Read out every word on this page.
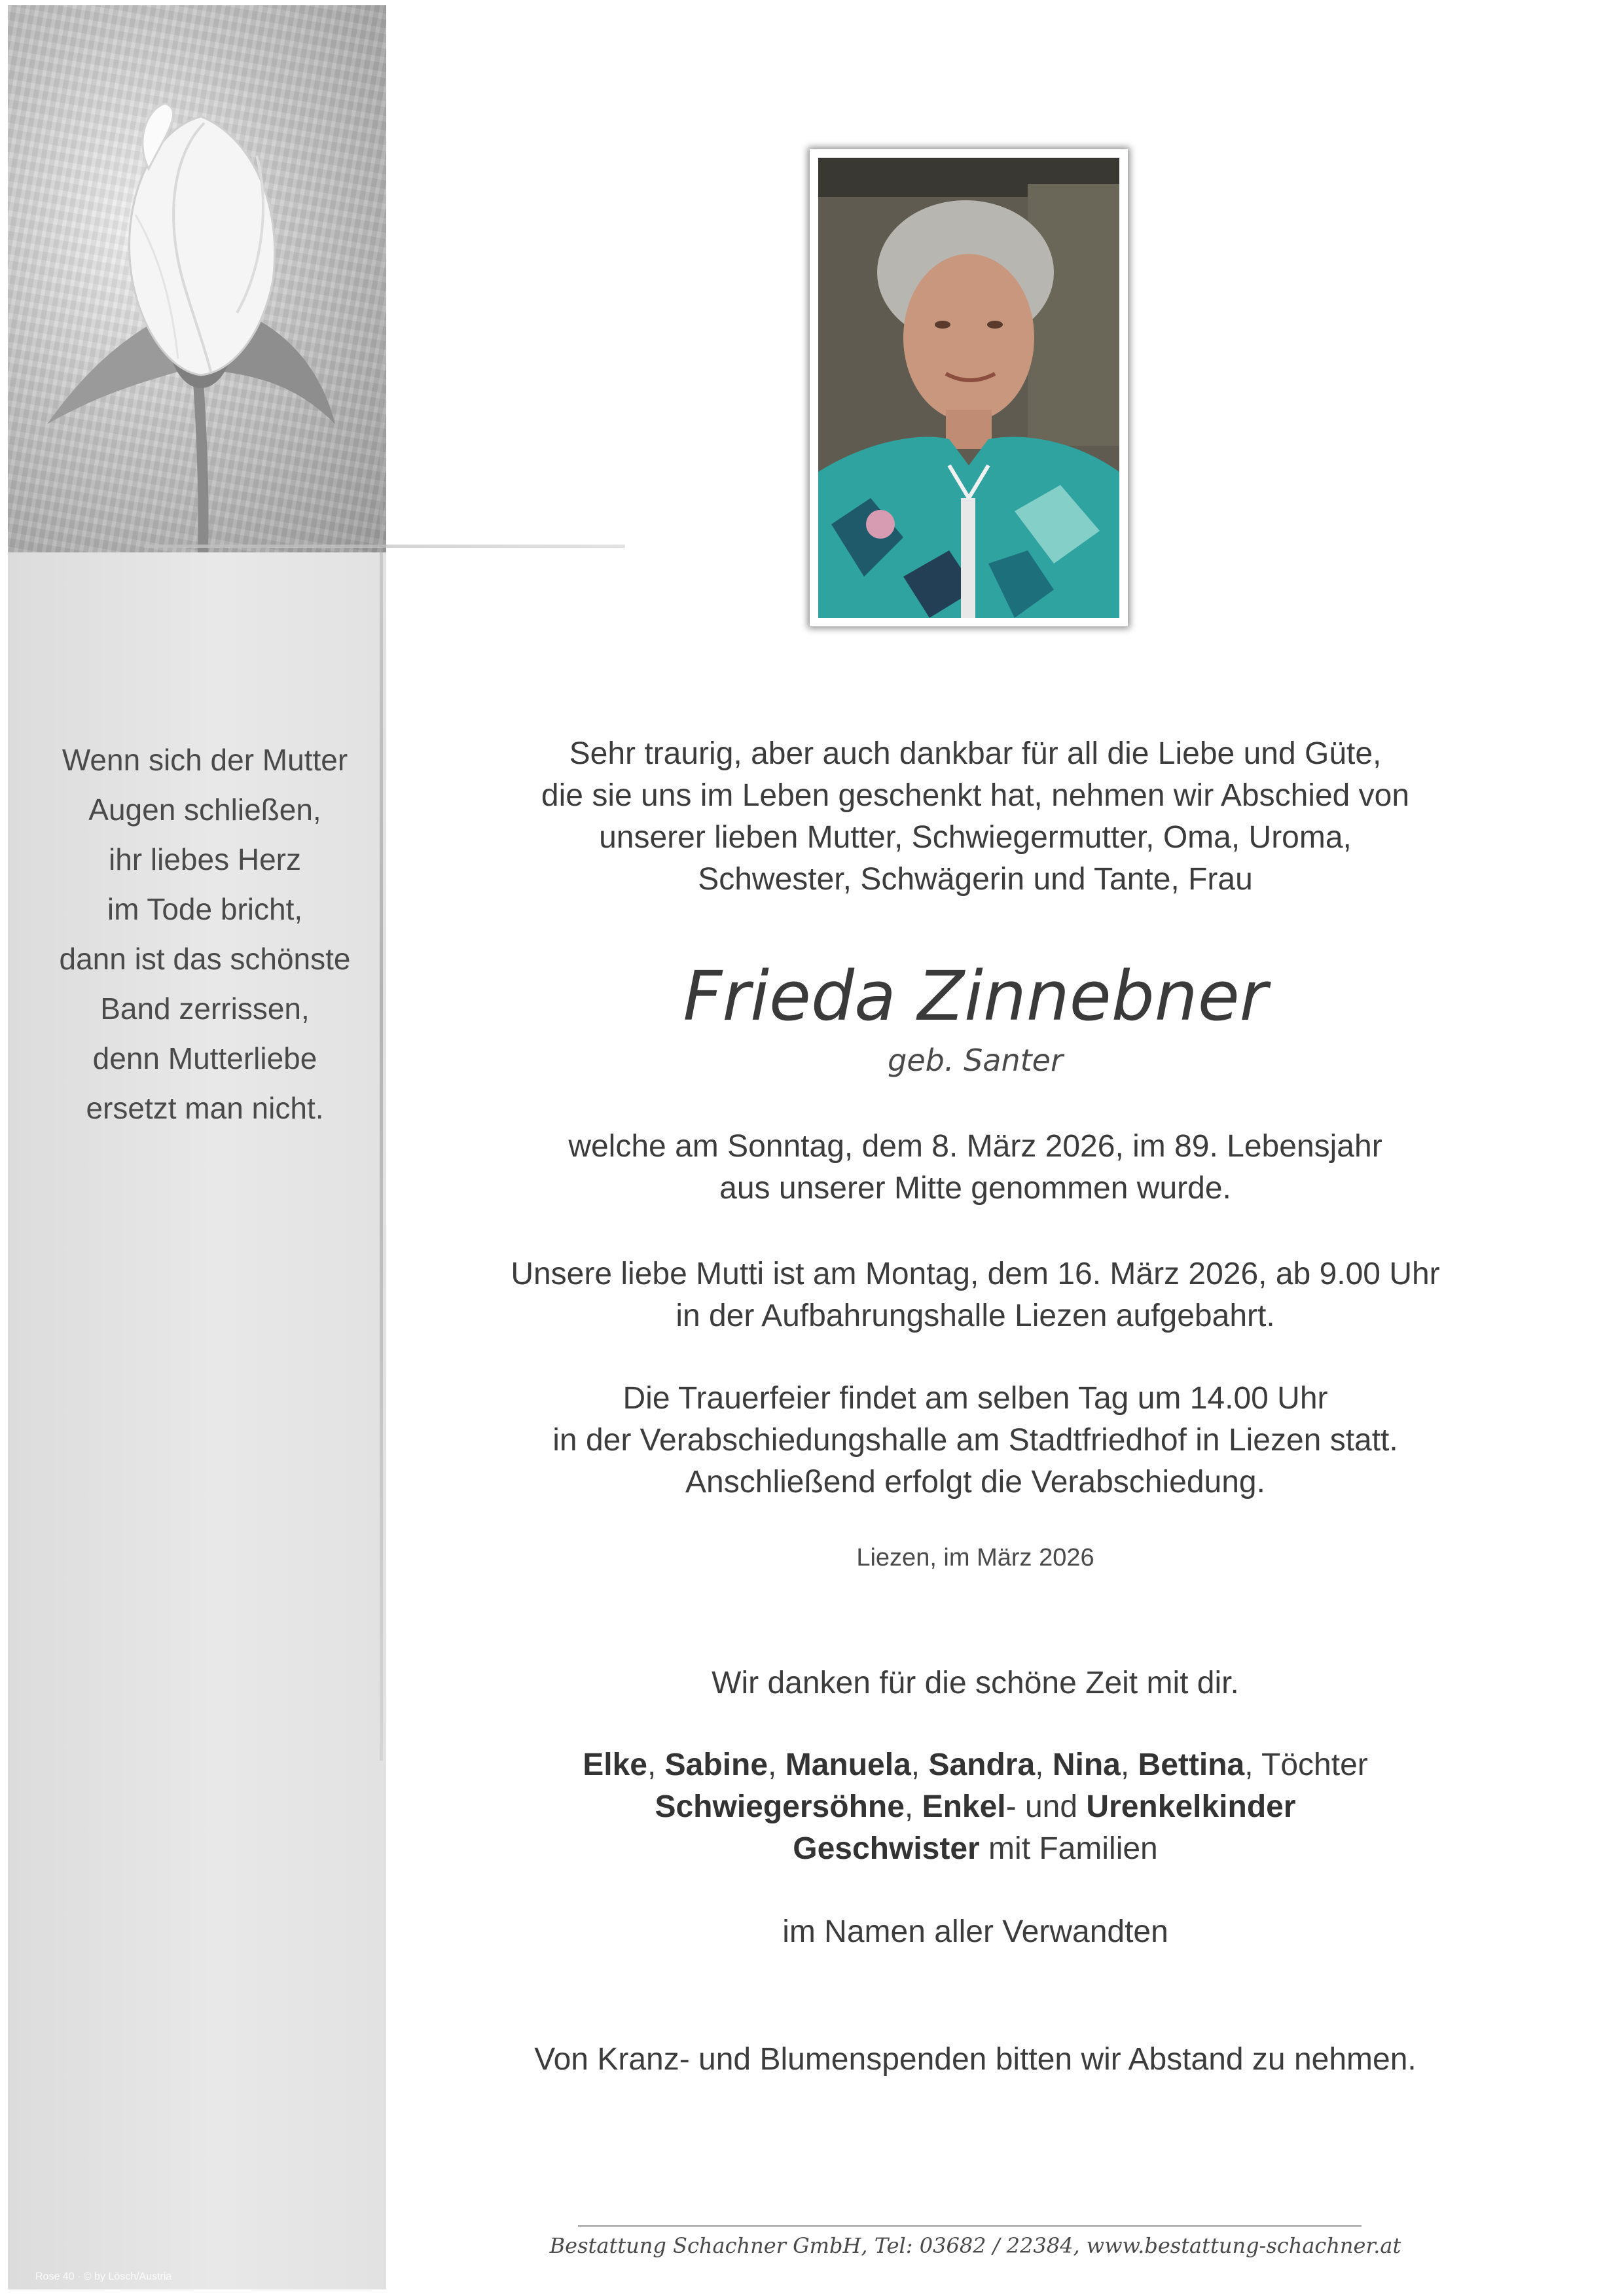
Wenn sich der Mutter
Augen schließen,
ihr liebes Herz
im Tode bricht,
dann ist das schönste
Band zerrissen,
denn Mutterliebe
ersetzt man nicht.
Rose 40 · © by Lösch/Austria
Sehr traurig, aber auch dankbar für all die Liebe und Güte,
die sie uns im Leben geschenkt hat, nehmen wir Abschied von
unserer lieben Mutter, Schwiegermutter, Oma, Uroma,
Schwester, Schwägerin und Tante, Frau
Frieda Zinnebner
geb. Santer
welche am Sonntag, dem 8. März 2026, im 89. Lebensjahr
aus unserer Mitte genommen wurde.
Unsere liebe Mutti ist am Montag, dem 16. März 2026, ab 9.00 Uhr
in der Aufbahrungshalle Liezen aufgebahrt.
Die Trauerfeier findet am selben Tag um 14.00 Uhr
in der Verabschiedungshalle am Stadtfriedhof in Liezen statt.
Anschließend erfolgt die Verabschiedung.
Liezen, im März 2026
Wir danken für die schöne Zeit mit dir.
Elke, Sabine, Manuela, Sandra, Nina, Bettina, Töchter
Schwiegersöhne, Enkel- und Urenkelkinder
Geschwister mit Familien
im Namen aller Verwandten
Von Kranz- und Blumenspenden bitten wir Abstand zu nehmen.
Bestattung Schachner GmbH, Tel: 03682 / 22384, www.bestattung-schachner.at
